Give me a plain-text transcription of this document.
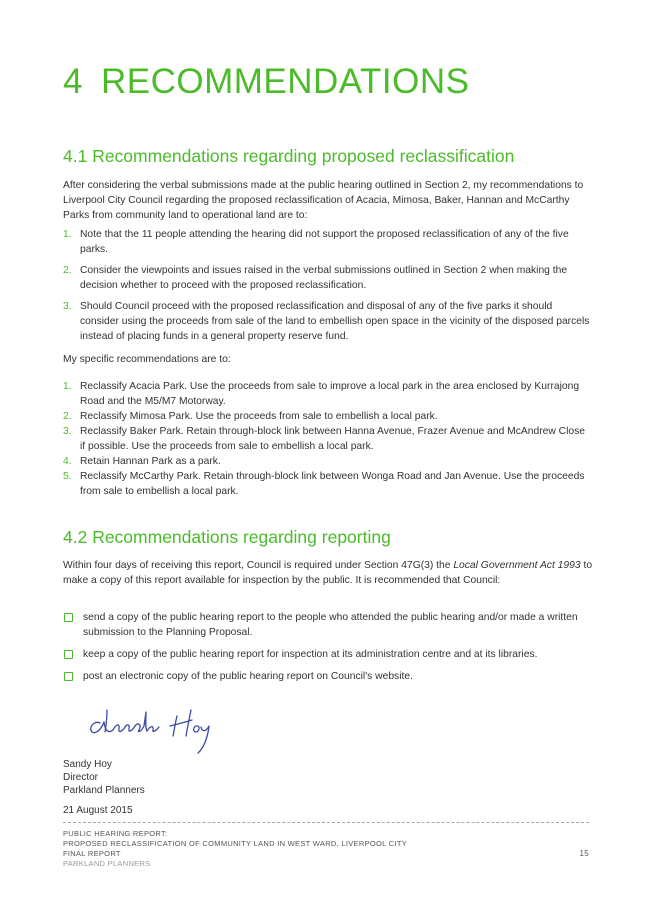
4 RECOMMENDATIONS
4.1 Recommendations regarding proposed reclassification

After considering the verbal submissions made at the public hearing outlined in Section 2, my recommendations to Liverpool City Council regarding the proposed reclassification of Acacia, Mimosa, Baker, Hannan and McCarthy Parks from community land to operational land are to:

1. Note that the 11 people attending the hearing did not support the proposed reclassification of any of the five parks.
2. Consider the viewpoints and issues raised in the verbal submissions outlined in Section 2 when making the decision whether to proceed with the proposed reclassification.
3. Should Council proceed with the proposed reclassification and disposal of any of the five parks it should consider using the proceeds from sale of the land to embellish open space in the vicinity of the disposed parcels instead of placing funds in a general property reserve fund.

My specific recommendations are to:

1. Reclassify Acacia Park. Use the proceeds from sale to improve a local park in the area enclosed by Kurrajong Road and the M5/M7 Motorway.
2. Reclassify Mimosa Park. Use the proceeds from sale to embellish a local park.
3. Reclassify Baker Park. Retain through-block link between Hanna Avenue, Frazer Avenue and McAndrew Close if possible. Use the proceeds from sale to embellish a local park.
4. Retain Hannan Park as a park.
5. Reclassify McCarthy Park. Retain through-block link between Wonga Road and Jan Avenue. Use the proceeds from sale to embellish a local park.
4.2 Recommendations regarding reporting

Within four days of receiving this report, Council is required under Section 47G(3) the Local Government Act 1993 to make a copy of this report available for inspection by the public. It is recommended that Council:

send a copy of the public hearing report to the people who attended the public hearing and/or made a written submission to the Planning Proposal.
keep a copy of the public hearing report for inspection at its administration centre and at its libraries.
post an electronic copy of the public hearing report on Council's website.
Sandy Hoy
Director
Parkland Planners
21 August 2015
PUBLIC HEARING REPORT:
PROPOSED RECLASSIFICATION OF COMMUNITY LAND IN WEST WARD, LIVERPOOL CITY
FINAL REPORT
PARKLAND PLANNERS
15
